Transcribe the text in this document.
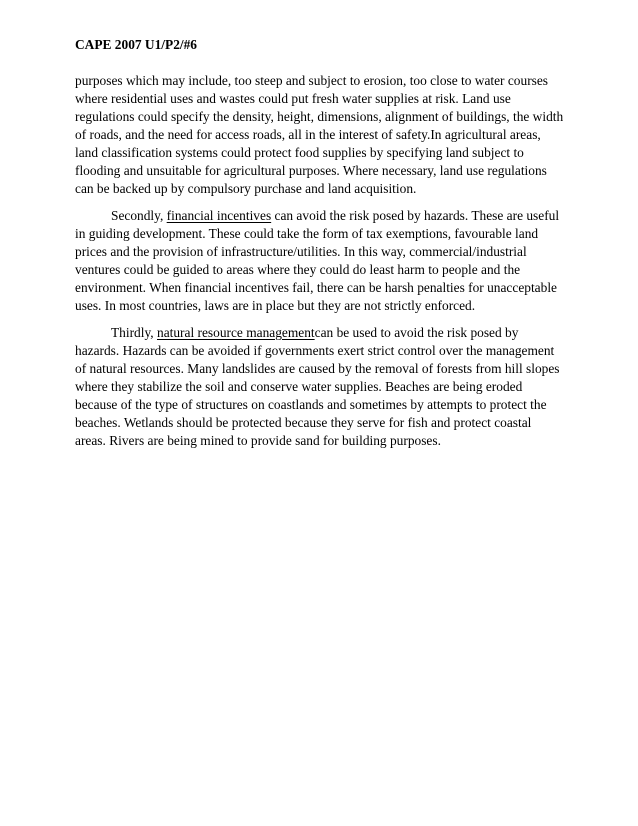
CAPE 2007 U1/P2/#6

purposes which may include, too steep and subject to erosion, too close to water courses where residential uses and wastes could put fresh water supplies at risk. Land use regulations could specify the density, height, dimensions, alignment of buildings, the width of roads, and the need for access roads, all in the interest of safety.In agricultural areas, land classification systems could protect food supplies by specifying land subject to flooding and unsuitable for agricultural purposes. Where necessary, land use regulations can be backed up by compulsory purchase and land acquisition.

Secondly, financial incentives can avoid the risk posed by hazards. These are useful in guiding development. These could take the form of tax exemptions, favourable land prices and the provision of infrastructure/utilities. In this way, commercial/industrial ventures could be guided to areas where they could do least harm to people and the environment. When financial incentives fail, there can be harsh penalties for unacceptable uses. In most countries, laws are in place but they are not strictly enforced.

Thirdly, natural resource managementcan be used to avoid the risk posed by hazards. Hazards can be avoided if governments exert strict control over the management of natural resources. Many landslides are caused by the removal of forests from hill slopes where they stabilize the soil and conserve water supplies. Beaches are being eroded because of the type of structures on coastlands and sometimes by attempts to protect the beaches. Wetlands should be protected because they serve for fish and protect coastal areas. Rivers are being mined to provide sand for building purposes.
